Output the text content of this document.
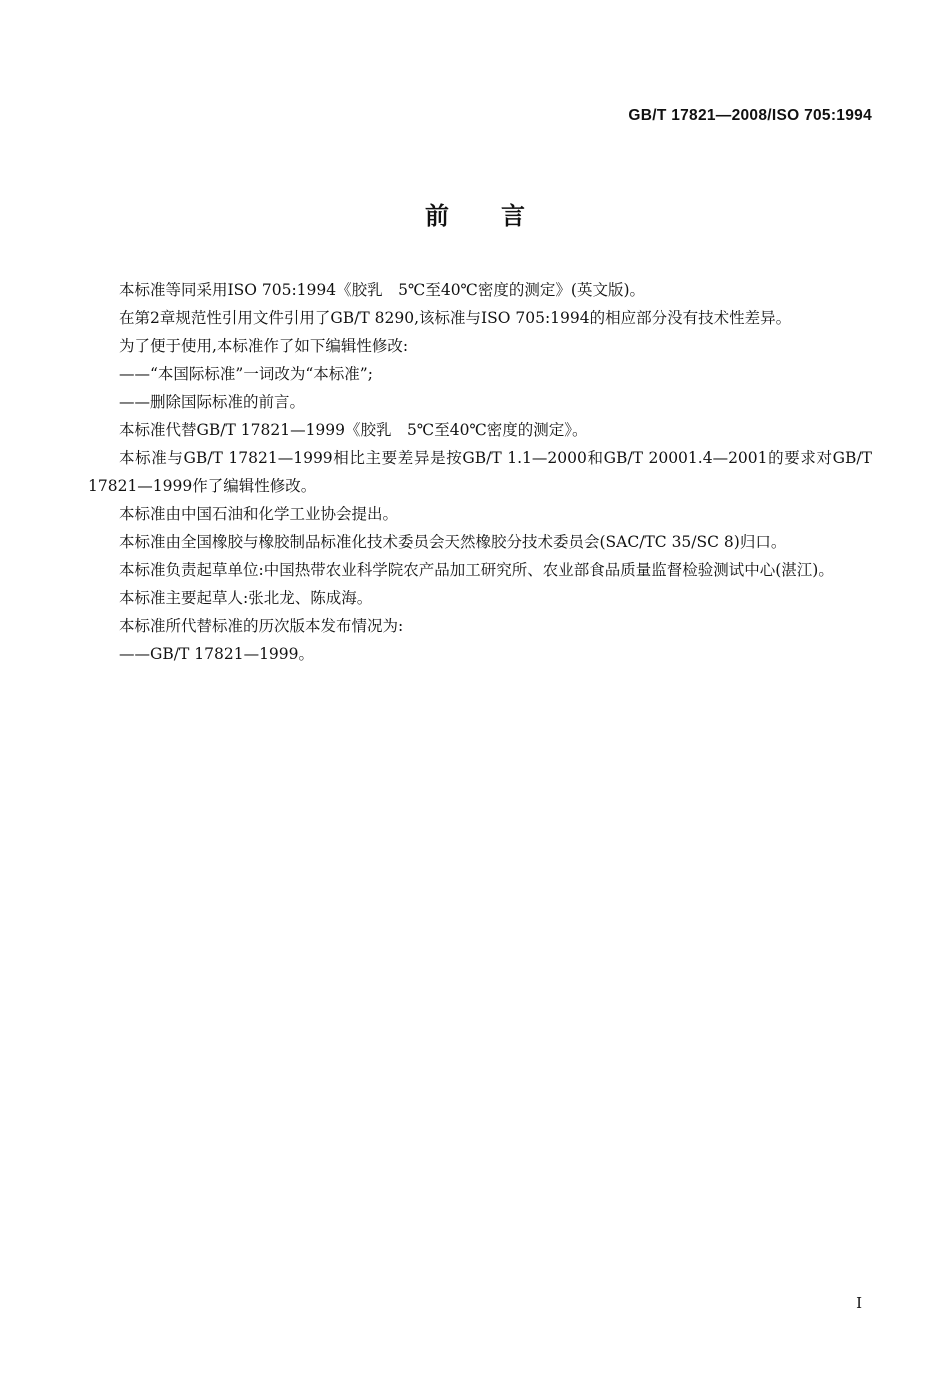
GB/T 17821—2008/ISO 705:1994
前言

本标准等同采用ISO 705:1994《胶乳　5℃至40℃密度的测定》(英文版)。

在第2章规范性引用文件引用了GB/T 8290,该标准与ISO 705:1994的相应部分没有技术性差异。

为了便于使用,本标准作了如下编辑性修改:

——“本国际标准”一词改为“本标准”;

——删除国际标准的前言。

本标准代替GB/T 17821—1999《胶乳　5℃至40℃密度的测定》。

本标准与GB/T 17821—1999相比主要差异是按GB/T 1.1—2000和GB/T 20001.4—2001的要求对GB/T 17821—1999作了编辑性修改。

本标准由中国石油和化学工业协会提出。

本标准由全国橡胶与橡胶制品标准化技术委员会天然橡胶分技术委员会(SAC/TC 35/SC 8)归口。

本标准负责起草单位:中国热带农业科学院农产品加工研究所、农业部食品质量监督检验测试中心(湛江)。

本标准主要起草人:张北龙、陈成海。

本标准所代替标准的历次版本发布情况为:

——GB/T 17821—1999。

I
